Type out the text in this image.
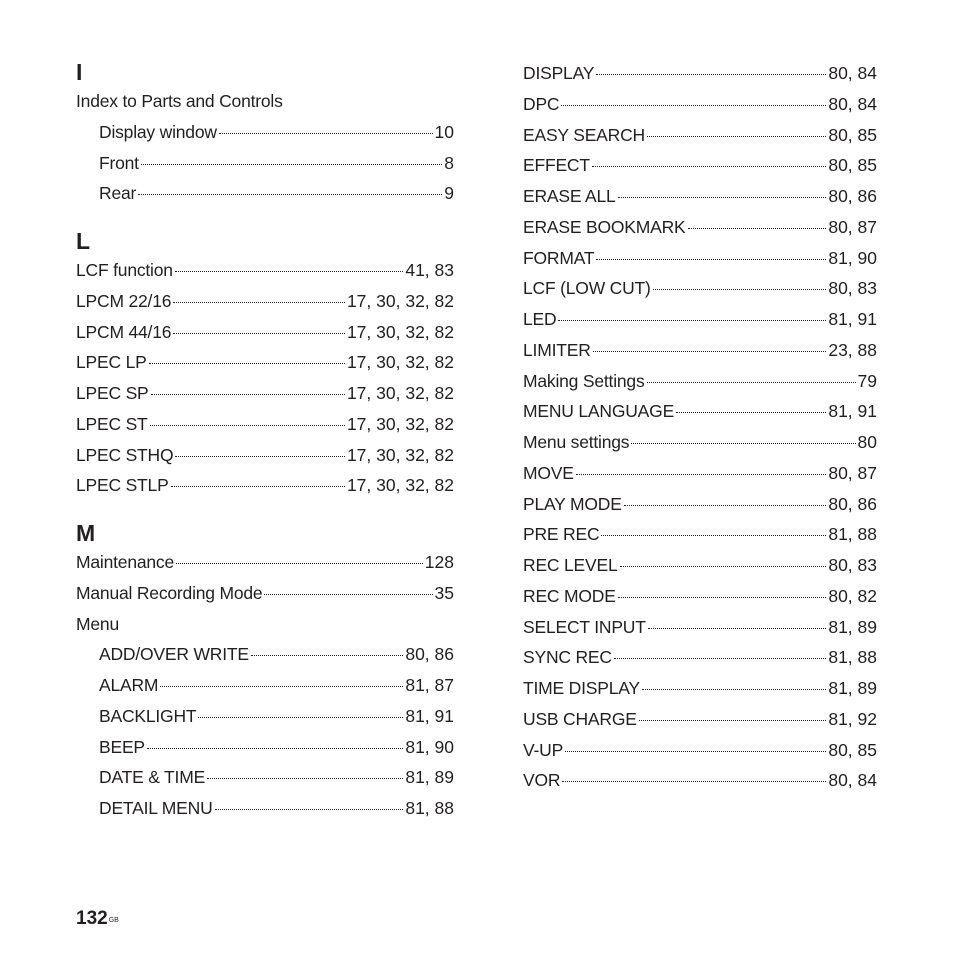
I
Index to Parts and Controls
Display window	10
Front	8
Rear	9
L
LCF function	41, 83
LPCM 22/16	17, 30, 32, 82
LPCM 44/16	17, 30, 32, 82
LPEC LP	17, 30, 32, 82
LPEC SP	17, 30, 32, 82
LPEC ST	17, 30, 32, 82
LPEC STHQ	17, 30, 32, 82
LPEC STLP	17, 30, 32, 82
M
Maintenance	128
Manual Recording Mode	35
Menu
ADD/OVER WRITE	80, 86
ALARM	81, 87
BACKLIGHT	81, 91
BEEP	81, 90
DATE & TIME	81, 89
DETAIL MENU	81, 88
DISPLAY	80, 84
DPC	80, 84
EASY SEARCH	80, 85
EFFECT	80, 85
ERASE ALL	80, 86
ERASE BOOKMARK	80, 87
FORMAT	81, 90
LCF (LOW CUT)	80, 83
LED	81, 91
LIMITER	23, 88
Making Settings	79
MENU LANGUAGE	81, 91
Menu settings	80
MOVE	80, 87
PLAY MODE	80, 86
PRE REC	81, 88
REC LEVEL	80, 83
REC MODE	80, 82
SELECT INPUT	81, 89
SYNC REC	81, 88
TIME DISPLAY	81, 89
USB CHARGE	81, 92
V-UP	80, 85
VOR	80, 84
$132^{GB}$
